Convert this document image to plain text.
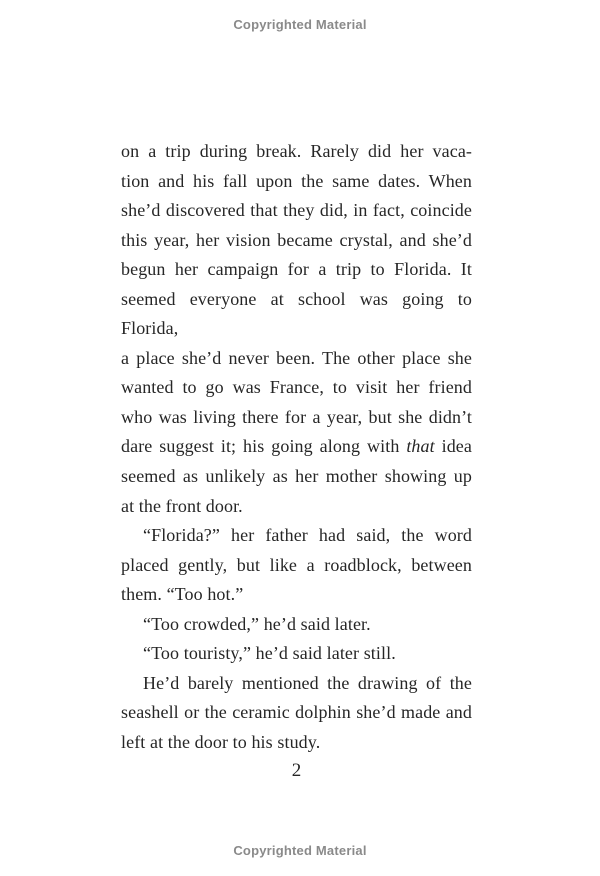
Copyrighted Material
on a trip during break. Rarely did her vaca-
tion and his fall upon the same dates. When
she’d discovered that they did, in fact, coincide
this year, her vision became crystal, and she’d
begun her campaign for a trip to Florida. It
seemed everyone at school was going to Florida,
a place she’d never been. The other place she
wanted to go was France, to visit her friend
who was living there for a year, but she didn’t
dare suggest it; his going along with that idea
seemed as unlikely as her mother showing up
at the front door.
“Florida?” her father had said, the word
placed gently, but like a roadblock, between
them. “Too hot.”
“Too crowded,” he’d said later.
“Too touristy,” he’d said later still.
He’d barely mentioned the drawing of the
seashell or the ceramic dolphin she’d made and
left at the door to his study.
2
Copyrighted Material
